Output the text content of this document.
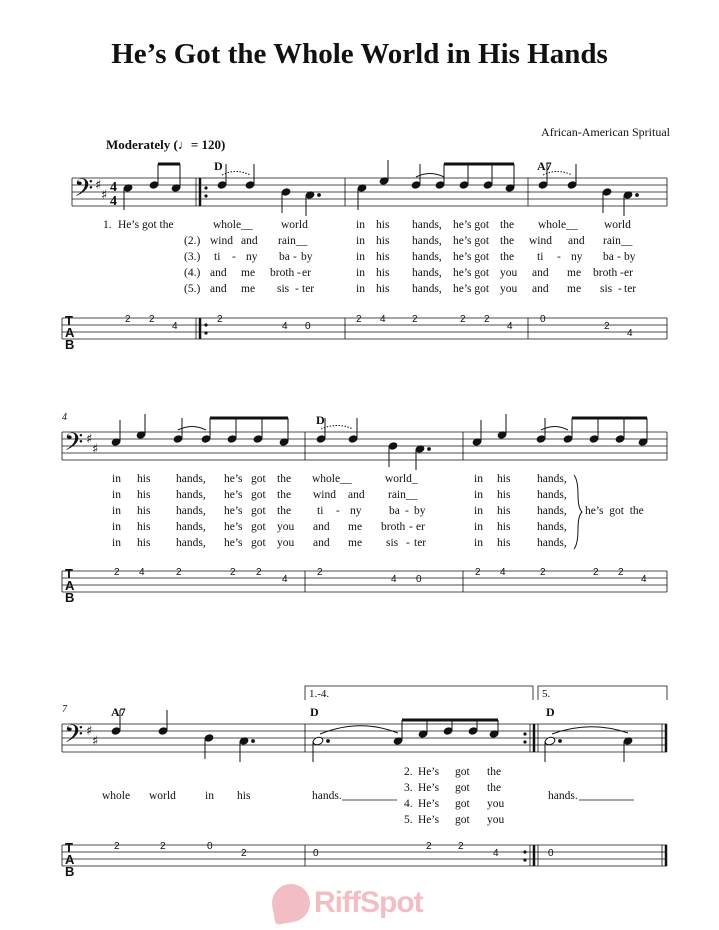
He’s Got the Whole World in His Hands
African-American Spritual
Moderately (♩= 120)
𝄢 ♯
♯
4
4
D	A7
1. He’s got the	whole__ world	in his hands, he’s got the whole__ world
(2.) wind and rain__	in his hands, he’s got the wind and rain__
(3.) ti - ny ba - by	in his hands, he’s got the ti - ny ba - by
(4.) and me broth -er	in his hands, he’s got you and me broth -er
(5.) and me sis - ter	in his hands, he’s got you and me sis - ter
T
A
B
2 2
4
2
4 0
2 4	2	2 2
4
0
2
4
4
𝄢 ♯
♯
D
in his hands, he’s got the whole__	world_	in his hands,
in his hands, he’s got the wind and rain__	in his hands,
in his hands, he’s got the ti - ny ba - by	in his hands,
in his hands, he’s got you and me broth - er	in his hands,
in his hands, he’s got you and me sis - ter	in his hands,
he’s  got  the
T
A
B
2 4	2	2 2
4
2
4 0
2 4	2	2 2
4
7
1.-4.	5.
𝄢 ♯
♯
A7	D	D
whole world	in his	hands.	hands.
2. He’s got the
3. He’s got the
4. He’s got you
5. He’s got you
T
A
B
2	2	0
2	0
2	2
4	0
RiffSpot
